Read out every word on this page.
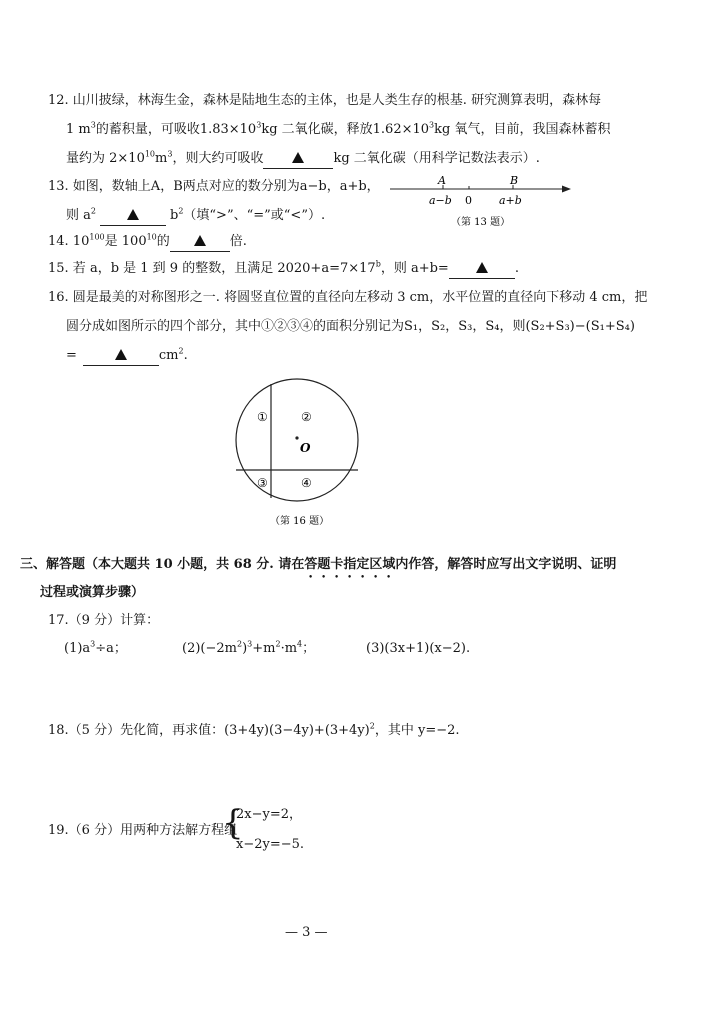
12. 山川披绿，林海生金，森林是陆地生态的主体，也是人类生存的根基. 研究测算表明，森林每
1 $m^3$的蓄积量，可吸收$1.83\times 10^3kg$ 二氧化碳，释放$1.62\times 10^3kg$ 氧气，目前，我国森林蓄积
量约为 $2\times 10^{10}m^3$，则大约可吸收	kg 二氧化碳（用科学记数法表示）.
13. 如图，数轴上A，B两点对应的数分别为a−b，a+b，
则 $a^2$	$b^2$（填“>”、“=”或“<”）.
A	B
a−b 0 a+b
（第 13 题）
14. $10^{100}$是 $100^{10}$的	倍.
15. 若 a，b 是 1 到 9 的整数，且满足 $2020+a=7\times 17^b$，则 a+b=	.
16. 圆是最美的对称图形之一. 将圆竖直位置的直径向左移动 3 cm，水平位置的直径向下移动 4 cm，把
圆分成如图所示的四个部分，其中①②③④的面积分别记为S₁，S₂，S₃，S₄，则(S₂+S₃)−(S₁+S₄)
=	$cm^2$.
①	②
③	④
O
（第 16 题）
三、解答题（本大题共 10 小题，共 68 分. 请在答题卡指定区域内作答，解答时应写出文字说明、证明
过程或演算步骤）
17.（9 分）计算：
$(1)a^3\div a$；	$(2)(-2m^2)^3+m^2\cdot m^4$；	(3)(3x+1)(x−2).
18.（5 分）先化简，再求值：$(3+4y)(3-4y)+(3+4y)^2$，其中 y=−2.
19.（6 分）用两种方法解方程组
{
2x−y=2，
x−2y=−5.
— 3 —
